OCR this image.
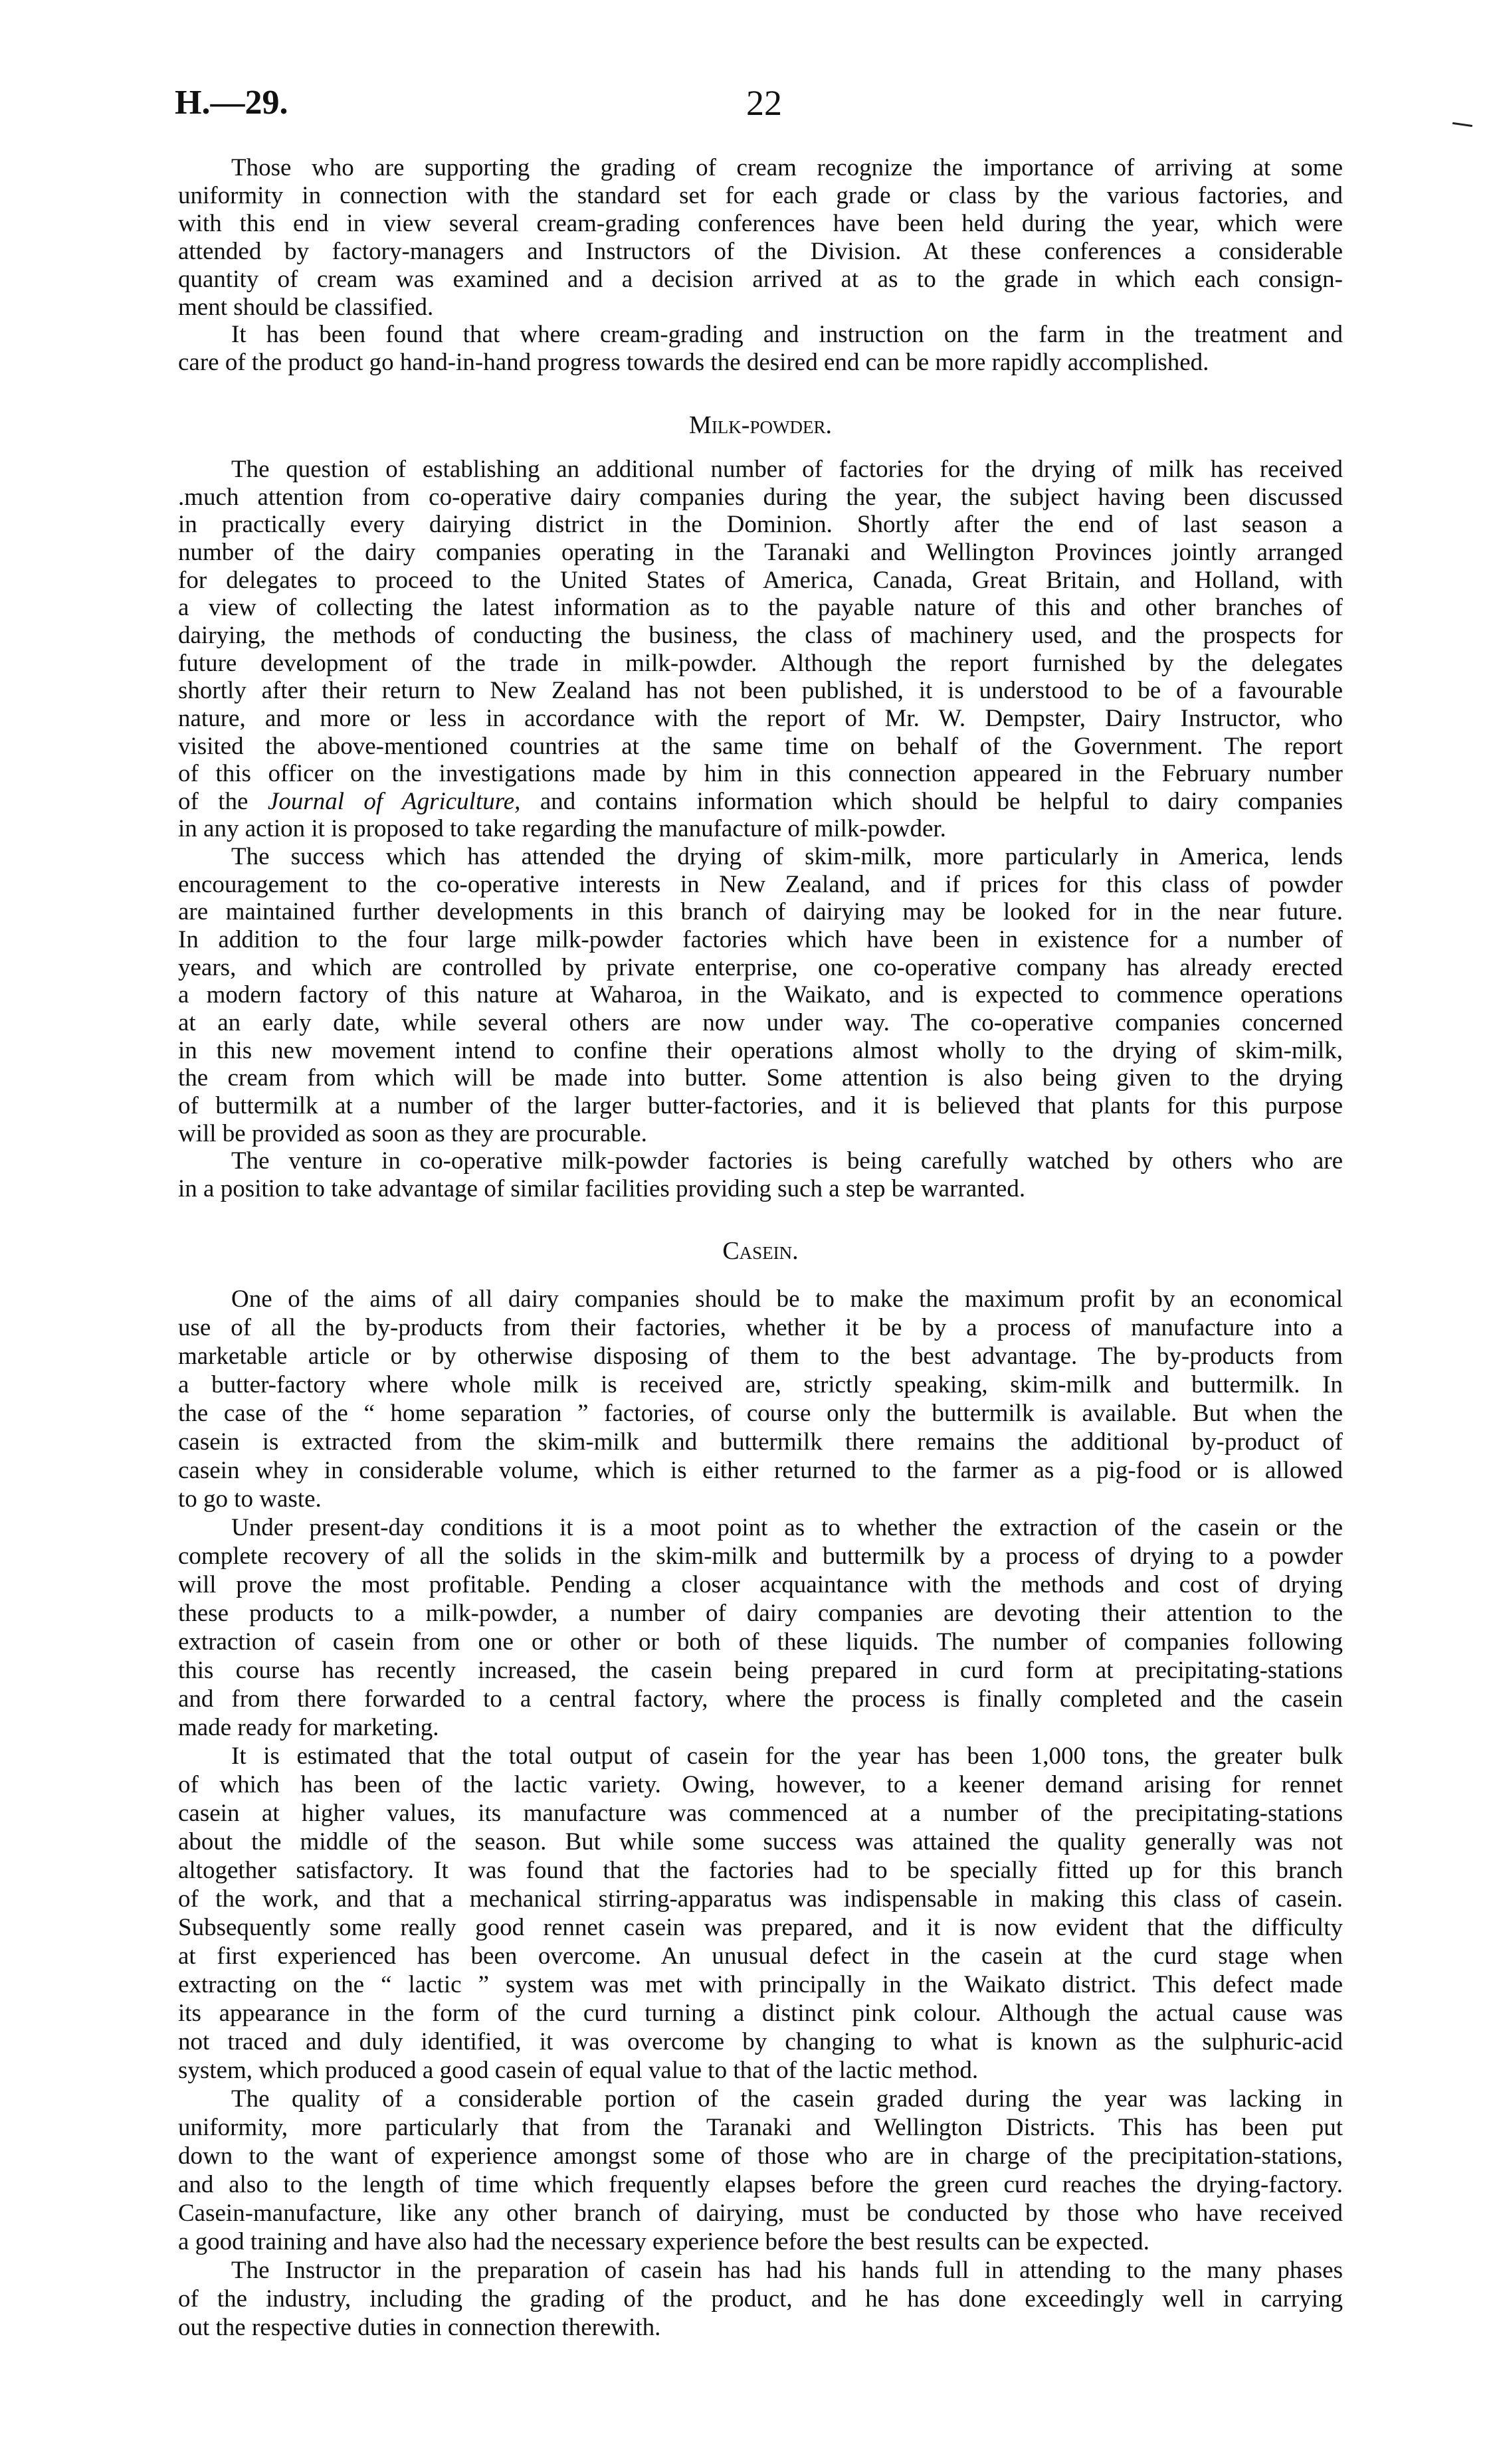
H.—29.	22
Those who are supporting the grading of cream recognize the importance of arriving at some
uniformity in connection with the standard set for each grade or class by the various factories, and
with this end in view several cream-grading conferences have been held during the year, which were
attended by factory-managers and Instructors of the Division. At these conferences a considerable
quantity of cream was examined and a decision arrived at as to the grade in which each consign-
ment should be classified.
It has been found that where cream-grading and instruction on the farm in the treatment and
care of the product go hand-in-hand progress towards the desired end can be more rapidly accomplished.
Milk-powder.
The question of establishing an additional number of factories for the drying of milk has received
.much attention from co-operative dairy companies during the year, the subject having been discussed
in practically every dairying district in the Dominion. Shortly after the end of last season a
number of the dairy companies operating in the Taranaki and Wellington Provinces jointly arranged
for delegates to proceed to the United States of America, Canada, Great Britain, and Holland, with
a view of collecting the latest information as to the payable nature of this and other branches of
dairying, the methods of conducting the business, the class of machinery used, and the prospects for
future development of the trade in milk-powder. Although the report furnished by the delegates
shortly after their return to New Zealand has not been published, it is understood to be of a favourable
nature, and more or less in accordance with the report of Mr. W. Dempster, Dairy Instructor, who
visited the above-mentioned countries at the same time on behalf of the Government. The report
of this officer on the investigations made by him in this connection appeared in the February number
of the Journal of Agriculture, and contains information which should be helpful to dairy companies
in any action it is proposed to take regarding the manufacture of milk-powder.
The success which has attended the drying of skim-milk, more particularly in America, lends
encouragement to the co-operative interests in New Zealand, and if prices for this class of powder
are maintained further developments in this branch of dairying may be looked for in the near future.
In addition to the four large milk-powder factories which have been in existence for a number of
years, and which are controlled by private enterprise, one co-operative company has already erected
a modern factory of this nature at Waharoa, in the Waikato, and is expected to commence operations
at an early date, while several others are now under way. The co-operative companies concerned
in this new movement intend to confine their operations almost wholly to the drying of skim-milk,
the cream from which will be made into butter. Some attention is also being given to the drying
of buttermilk at a number of the larger butter-factories, and it is believed that plants for this purpose
will be provided as soon as they are procurable.
The venture in co-operative milk-powder factories is being carefully watched by others who are
in a position to take advantage of similar facilities providing such a step be warranted.
Casein.
One of the aims of all dairy companies should be to make the maximum profit by an economical
use of all the by-products from their factories, whether it be by a process of manufacture into a
marketable article or by otherwise disposing of them to the best advantage. The by-products from
a butter-factory where whole milk is received are, strictly speaking, skim-milk and buttermilk. In
the case of the “ home separation ” factories, of course only the buttermilk is available. But when the
casein is extracted from the skim-milk and buttermilk there remains the additional by-product of
casein whey in considerable volume, which is either returned to the farmer as a pig-food or is allowed
to go to waste.
Under present-day conditions it is a moot point as to whether the extraction of the casein or the
complete recovery of all the solids in the skim-milk and buttermilk by a process of drying to a powder
will prove the most profitable. Pending a closer acquaintance with the methods and cost of drying
these products to a milk-powder, a number of dairy companies are devoting their attention to the
extraction of casein from one or other or both of these liquids. The number of companies following
this course has recently increased, the casein being prepared in curd form at precipitating-stations
and from there forwarded to a central factory, where the process is finally completed and the casein
made ready for marketing.
It is estimated that the total output of casein for the year has been 1,000 tons, the greater bulk
of which has been of the lactic variety. Owing, however, to a keener demand arising for rennet
casein at higher values, its manufacture was commenced at a number of the precipitating-stations
about the middle of the season. But while some success was attained the quality generally was not
altogether satisfactory. It was found that the factories had to be specially fitted up for this branch
of the work, and that a mechanical stirring-apparatus was indispensable in making this class of casein.
Subsequently some really good rennet casein was prepared, and it is now evident that the difficulty
at first experienced has been overcome. An unusual defect in the casein at the curd stage when
extracting on the “ lactic ” system was met with principally in the Waikato district. This defect made
its appearance in the form of the curd turning a distinct pink colour. Although the actual cause was
not traced and duly identified, it was overcome by changing to what is known as the sulphuric-acid
system, which produced a good casein of equal value to that of the lactic method.
The quality of a considerable portion of the casein graded during the year was lacking in
uniformity, more particularly that from the Taranaki and Wellington Districts. This has been put
down to the want of experience amongst some of those who are in charge of the precipitation-stations,
and also to the length of time which frequently elapses before the green curd reaches the drying-factory.
Casein-manufacture, like any other branch of dairying, must be conducted by those who have received
a good training and have also had the necessary experience before the best results can be expected.
The Instructor in the preparation of casein has had his hands full in attending to the many phases
of the industry, including the grading of the product, and he has done exceedingly well in carrying
out the respective duties in connection therewith.
